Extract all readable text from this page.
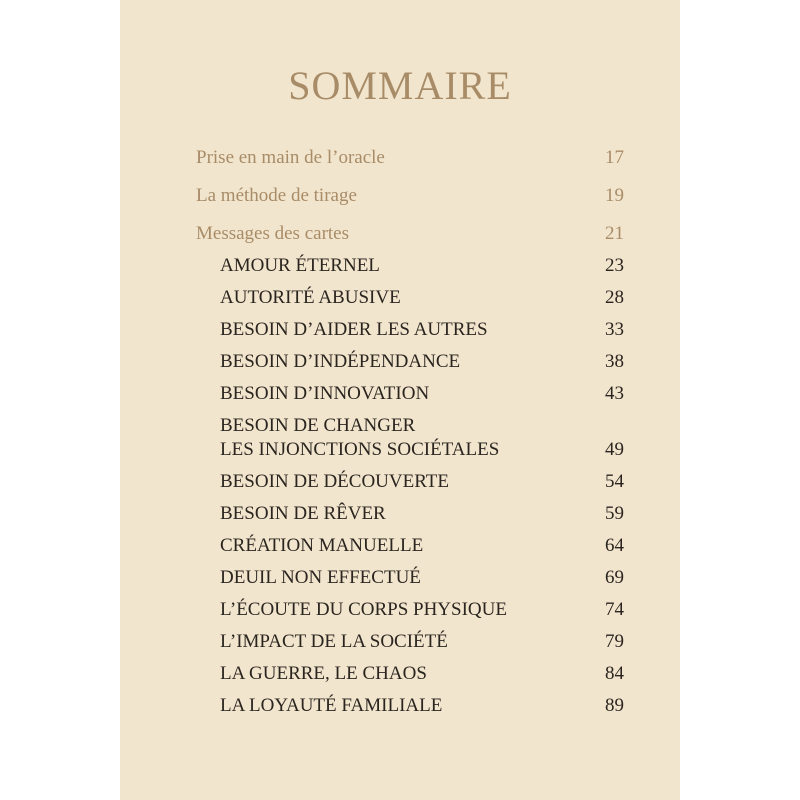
SOMMAIRE
Prise en main de l’oracle	17
La méthode de tirage	19
Messages des cartes	21
AMOUR ÉTERNEL	23
AUTORITÉ ABUSIVE	28
BESOIN D’AIDER LES AUTRES	33
BESOIN D’INDÉPENDANCE	38
BESOIN D’INNOVATION	43
BESOIN DE CHANGER
LES INJONCTIONS SOCIÉTALES	49
BESOIN DE DÉCOUVERTE	54
BESOIN DE RÊVER	59
CRÉATION MANUELLE	64
DEUIL NON EFFECTUÉ	69
L’ÉCOUTE DU CORPS PHYSIQUE	74
L’IMPACT DE LA SOCIÉTÉ	79
LA GUERRE, LE CHAOS	84
LA LOYAUTÉ FAMILIALE	89
